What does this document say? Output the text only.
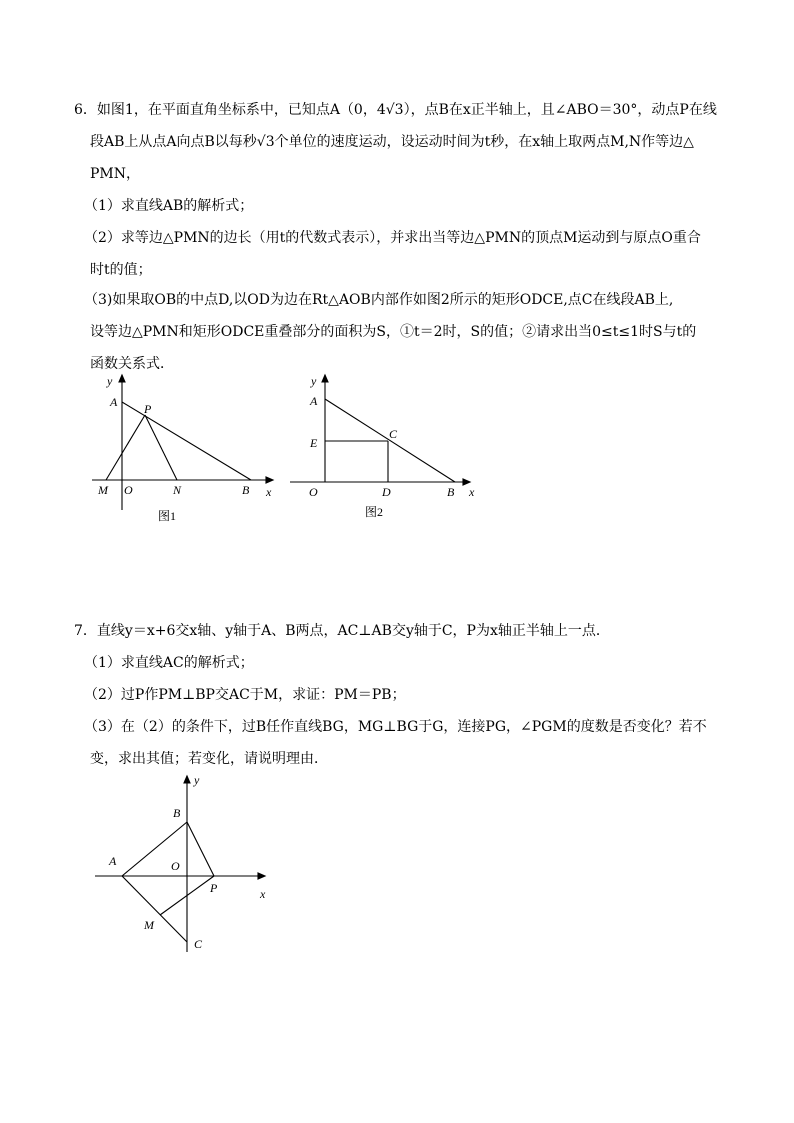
6．如图1，在平面直角坐标系中，已知点A（0，4√3），点B在x正半轴上，且∠ABO＝30°，动点P在线
段AB上从点A向点B以每秒√3个单位的速度运动，设运动时间为t秒，在x轴上取两点M,N作等边△
PMN，
（1）求直线AB的解析式；
（2）求等边△PMN的边长（用t的代数式表示），并求出当等边△PMN的顶点M运动到与原点O重合
时t的值；
（3)如果取OB的中点D,以OD为边在Rt△AOB内部作如图2所示的矩形ODCE,点C在线段AB上,
设等边△PMN和矩形ODCE重叠部分的面积为S，①t＝2时，S的值；②请求出当0≤t≤1时S与t的
函数关系式．
y
A P
M O	N	B x
图1
y
A
E
C
O	D	B x
图2
7．直线y＝x+6交x轴、y轴于A、B两点，AC⊥AB交y轴于C，P为x轴正半轴上一点．
（1）求直线AC的解析式；
（2）过P作PM⊥BP交AC于M，求证：PM＝PB；
（3）在（2）的条件下，过B任作直线BG，MG⊥BG于G，连接PG，∠PGM的度数是否变化？若不
变，求出其值；若变化，请说明理由．
y
B
A	O
P	x
M
C
